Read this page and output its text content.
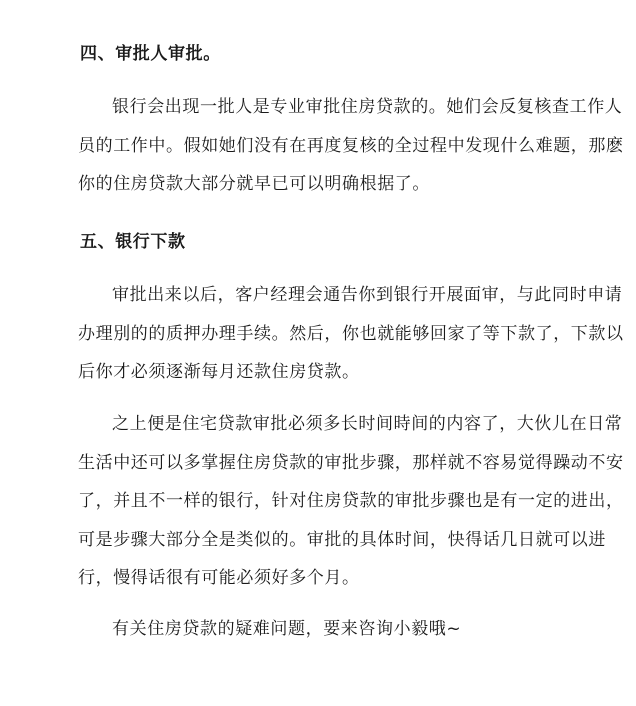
四、审批人审批。

银行会出现一批人是专业审批住房贷款的。她们会反复核查工作人员的工作中。假如她们没有在再度复核的全过程中发现什么难题，那麽你的住房贷款大部分就早已可以明确根据了。

五、银行下款

审批出来以后，客户经理会通告你到银行开展面审，与此同时申请办理別的的质押办理手续。然后，你也就能够回家了等下款了，下款以后你才必须逐渐每月还款住房贷款。

之上便是住宅贷款审批必须多长时间時间的内容了，大伙儿在日常生活中还可以多掌握住房贷款的审批步骤，那样就不容易觉得躁动不安了，并且不一样的银行，针对住房贷款的审批步骤也是有一定的进出，可是步骤大部分全是类似的。审批的具体时间，快得话几日就可以进行，慢得话很有可能必须好多个月。

有关住房贷款的疑难问题，要来咨询小毅哦~
